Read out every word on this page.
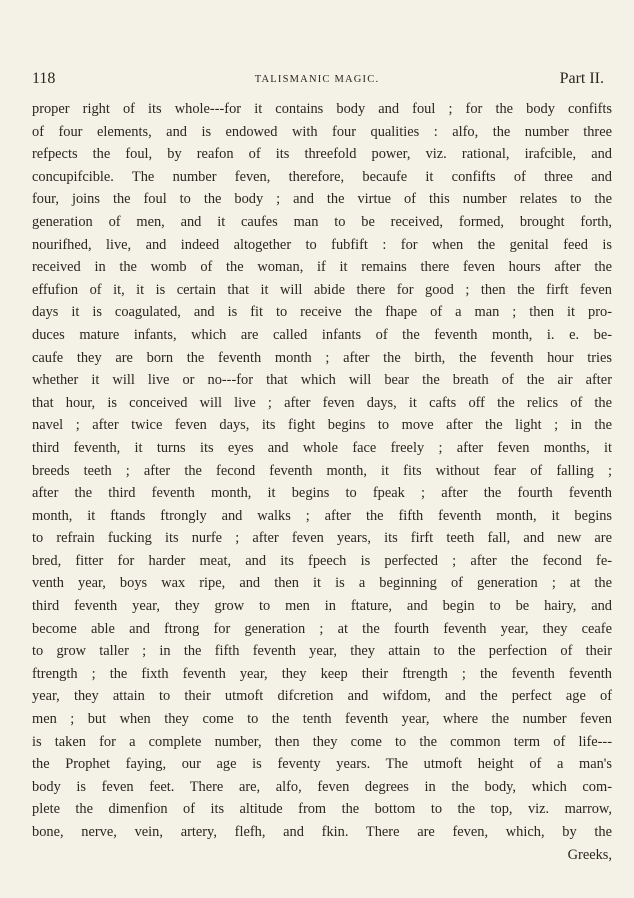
118	TALISMANIC MAGIC.	Part II.
proper right of its whole---for it contains body and foul ; for the body confifts
of four elements, and is endowed with four qualities : alfo, the number three
refpects the foul, by reafon of its threefold power, viz. rational, irafcible, and
concupifcible. The number feven, therefore, becaufe it confifts of three and
four, joins the foul to the body ; and the virtue of this number relates to the
generation of men, and it caufes man to be received, formed, brought forth,
nourifhed, live, and indeed altogether to fubfift : for when the genital feed is
received in the womb of the woman, if it remains there feven hours after the
effufion of it, it is certain that it will abide there for good ; then the firft feven
days it is coagulated, and is fit to receive the fhape of a man ; then it pro-
duces mature infants, which are called infants of the feventh month, i. e. be-
caufe they are born the feventh month ; after the birth, the feventh hour tries
whether it will live or no---for that which will bear the breath of the air after
that hour, is conceived will live ; after feven days, it cafts off the relics of the
navel ; after twice feven days, its fight begins to move after the light ; in the
third feventh, it turns its eyes and whole face freely ; after feven months, it
breeds teeth ; after the fecond feventh month, it fits without fear of falling ;
after the third feventh month, it begins to fpeak ; after the fourth feventh
month, it ftands ftrongly and walks ; after the fifth feventh month, it begins
to refrain fucking its nurfe ; after feven years, its firft teeth fall, and new are
bred, fitter for harder meat, and its fpeech is perfected ; after the fecond fe-
venth year, boys wax ripe, and then it is a beginning of generation ; at the
third feventh year, they grow to men in ftature, and begin to be hairy, and
become able and ftrong for generation ; at the fourth feventh year, they ceafe
to grow taller ; in the fifth feventh year, they attain to the perfection of their
ftrength ; the fixth feventh year, they keep their ftrength ; the feventh feventh
year, they attain to their utmoft difcretion and wifdom, and the perfect age of
men ; but when they come to the tenth feventh year, where the number feven
is taken for a complete number, then they come to the common term of life---
the Prophet faying, our age is feventy years. The utmoft height of a man's
body is feven feet. There are, alfo, feven degrees in the body, which com-
plete the dimenfion of its altitude from the bottom to the top, viz. marrow,
bone, nerve, vein, artery, flefh, and fkin. There are feven, which, by the
Greeks,
